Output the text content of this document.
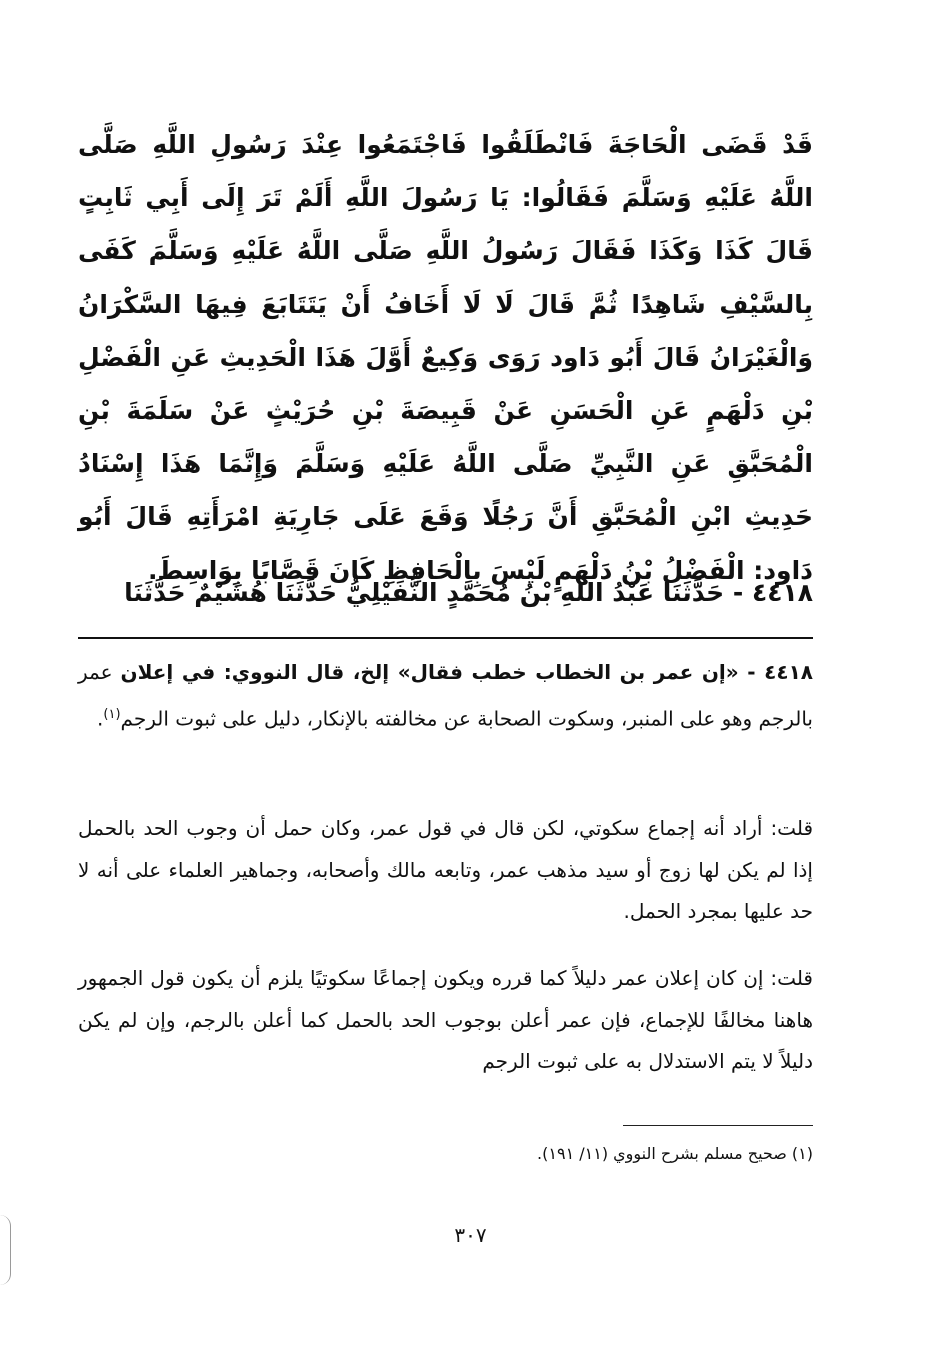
قَدْ قَضَى الْحَاجَةَ فَانْطَلَقُوا فَاجْتَمَعُوا عِنْدَ رَسُولِ اللَّهِ صَلَّى اللَّهُ عَلَيْهِ وَسَلَّمَ فَقَالُوا: يَا رَسُولَ اللَّهِ أَلَمْ تَرَ إِلَى أَبِي ثَابِتٍ قَالَ كَذَا وَكَذَا فَقَالَ رَسُولُ اللَّهِ صَلَّى اللَّهُ عَلَيْهِ وَسَلَّمَ كَفَى بِالسَّيْفِ شَاهِدًا ثُمَّ قَالَ لَا لَا أَخَافُ أَنْ يَتَتَابَعَ فِيهَا السَّكْرَانُ وَالْغَيْرَانُ قَالَ أَبُو دَاود رَوَى وَكِيعٌ أَوَّلَ هَذَا الْحَدِيثِ عَنِ الْفَضْلِ بْنِ دَلْهَمٍ عَنِ الْحَسَنِ عَنْ قَبِيصَةَ بْنِ حُرَيْثٍ عَنْ سَلَمَةَ بْنِ الْمُحَبَّقِ عَنِ النَّبِيِّ صَلَّى اللَّهُ عَلَيْهِ وَسَلَّمَ وَإِنَّمَا هَذَا إِسْنَادُ حَدِيثِ ابْنِ الْمُحَبَّقِ أَنَّ رَجُلًا وَقَعَ عَلَى جَارِيَةِ امْرَأَتِهِ قَالَ أَبُو دَاود: الْفَضْلُ بْنُ دَلْهَمٍ لَيْسَ بِالْحَافِظِ كَانَ قَصَّابًا بِوَاسِطَ.

٤٤١٨ - حَدَّثَنَا عَبْدُ اللَّهِ بْنُ مُحَمَّدٍ النُّفَيْلِيُّ حَدَّثَنَا هُشَيْمٌ حَدَّثَنَا

٤٤١٨ - «إن عمر بن الخطاب خطب فقال» إلخ، قال النووي: في إعلان عمر بالرجم وهو على المنبر، وسكوت الصحابة عن مخالفته بالإنكار، دليل على ثبوت الرجم$^{(١)}$.

قلت: أراد أنه إجماع سكوتي، لكن قال في قول عمر، وكان حمل أن وجوب الحد بالحمل إذا لم يكن لها زوج أو سيد مذهب عمر، وتابعه مالك وأصحابه، وجماهير العلماء على أنه لا حد عليها بمجرد الحمل.

قلت: إن كان إعلان عمر دليلاً كما قرره ويكون إجماعًا سكوتيًا يلزم أن يكون قول الجمهور هاهنا مخالفًا للإجماع، فإن عمر أعلن بوجوب الحد بالحمل كما أعلن بالرجم، وإن لم يكن دليلاً لا يتم الاستدلال به على ثبوت الرجم

(١) صحيح مسلم بشرح النووي (١١/ ١٩١).

٣٠٧
